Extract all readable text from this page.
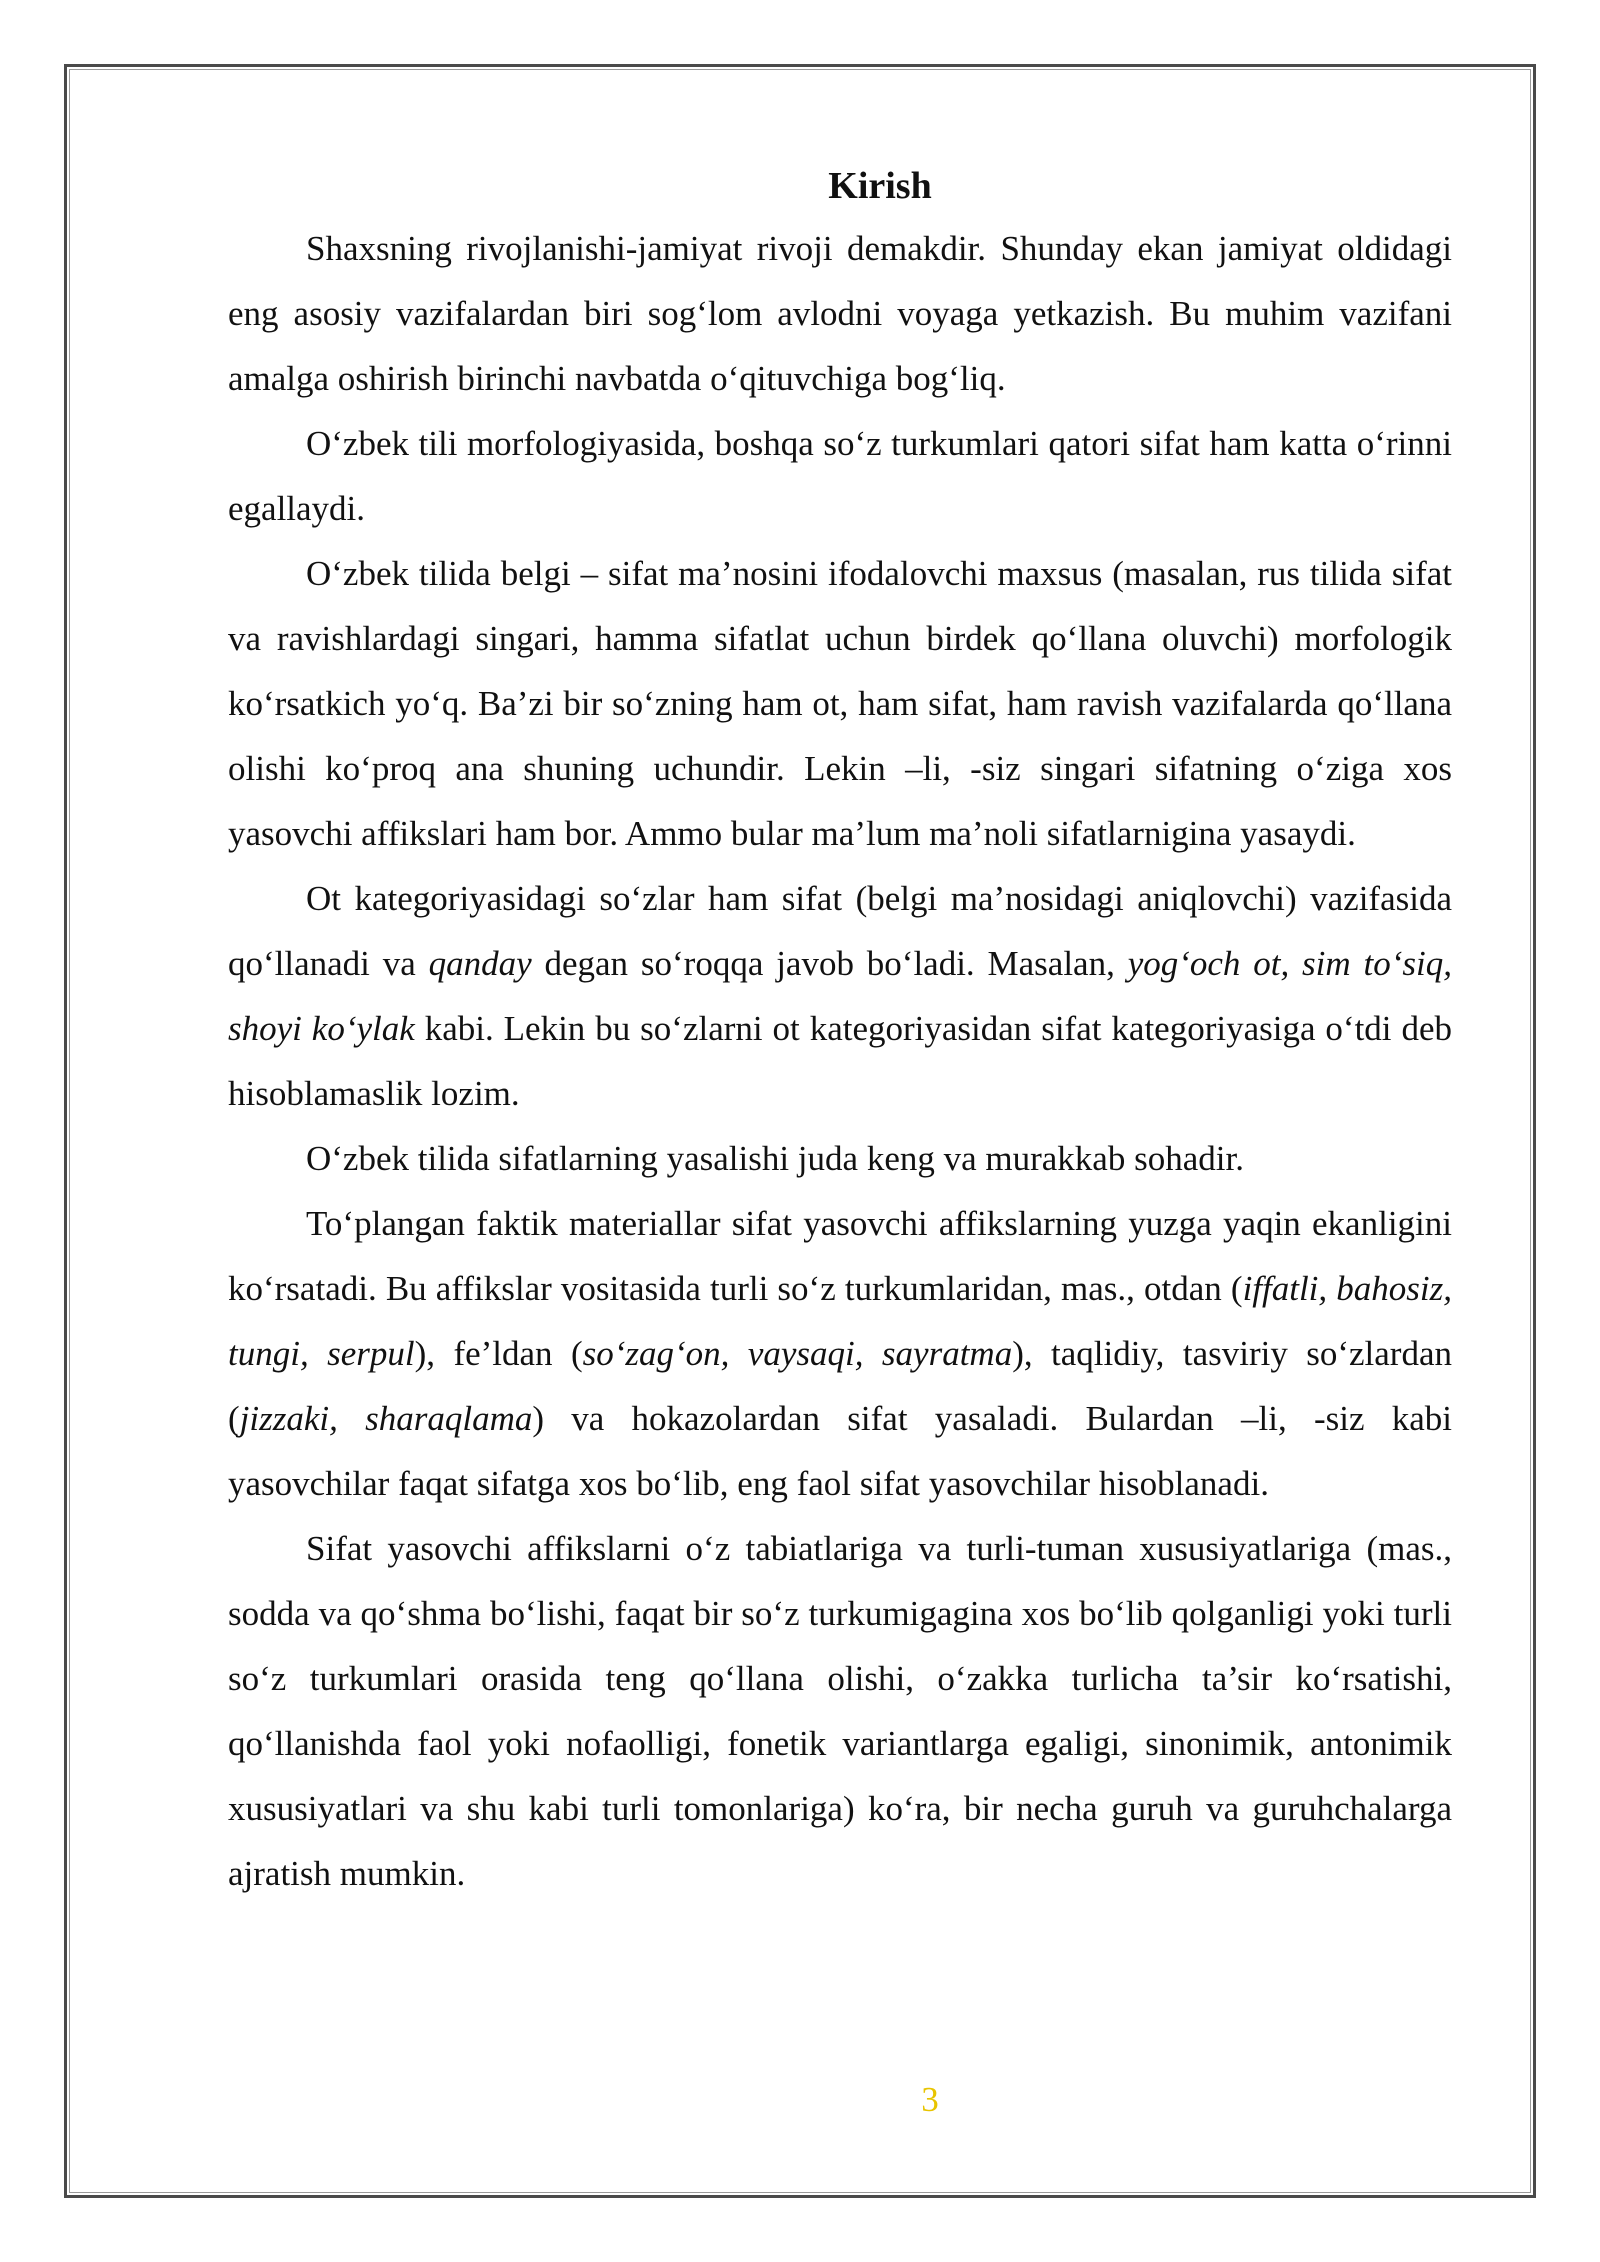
Kirish

Shaxsning rivojlanishi-jamiyat rivoji demakdir. Shunday ekan jamiyat oldidagi eng asosiy vazifalardan biri sog‘lom avlodni voyaga yetkazish. Bu muhim vazifani amalga oshirish birinchi navbatda o‘qituvchiga bog‘liq.

O‘zbek tili morfologiyasida, boshqa so‘z turkumlari qatori sifat ham katta o‘rinni egallaydi.

O‘zbek tilida belgi – sifat ma’nosini ifodalovchi maxsus (masalan, rus tilida sifat va ravishlardagi singari, hamma sifatlat uchun birdek qo‘llana oluvchi) morfologik ko‘rsatkich yo‘q. Ba’zi bir so‘zning ham ot, ham sifat, ham ravish vazifalarda qo‘llana olishi ko‘proq ana shuning uchundir. Lekin –li, -siz singari sifatning o‘ziga xos yasovchi affikslari ham bor. Ammo bular ma’lum ma’noli sifatlarnigina yasaydi.

Ot kategoriyasidagi so‘zlar ham sifat (belgi ma’nosidagi aniqlovchi) vazifasida qo‘llanadi va qanday degan so‘roqqa javob bo‘ladi. Masalan, yog‘och ot, sim to‘siq, shoyi ko‘ylak kabi. Lekin bu so‘zlarni ot kategoriyasidan sifat kategoriyasiga o‘tdi deb hisoblamaslik lozim.

O‘zbek tilida sifatlarning yasalishi juda keng va murakkab sohadir.

To‘plangan faktik materiallar sifat yasovchi affikslarning yuzga yaqin ekanligini ko‘rsatadi. Bu affikslar vositasida turli so‘z turkumlaridan, mas., otdan (iffatli, bahosiz, tungi, serpul), fe’ldan (so‘zag‘on, vaysaqi, sayratma), taqlidiy, tasviriy so‘zlardan (jizzaki, sharaqlama) va hokazolardan sifat yasaladi. Bulardan –li, -siz kabi yasovchilar faqat sifatga xos bo‘lib, eng faol sifat yasovchilar hisoblanadi.

Sifat yasovchi affikslarni o‘z tabiatlariga va turli-tuman xususiyatlariga (mas., sodda va qo‘shma bo‘lishi, faqat bir so‘z turkumigagina xos bo‘lib qolganligi yoki turli so‘z turkumlari orasida teng qo‘llana olishi, o‘zakka turlicha ta’sir ko‘rsatishi, qo‘llanishda faol yoki nofaolligi, fonetik variantlarga egaligi, sinonimik, antonimik xususiyatlari va shu kabi turli tomonlariga) ko‘ra, bir necha guruh va guruhchalarga ajratish mumkin.

3
